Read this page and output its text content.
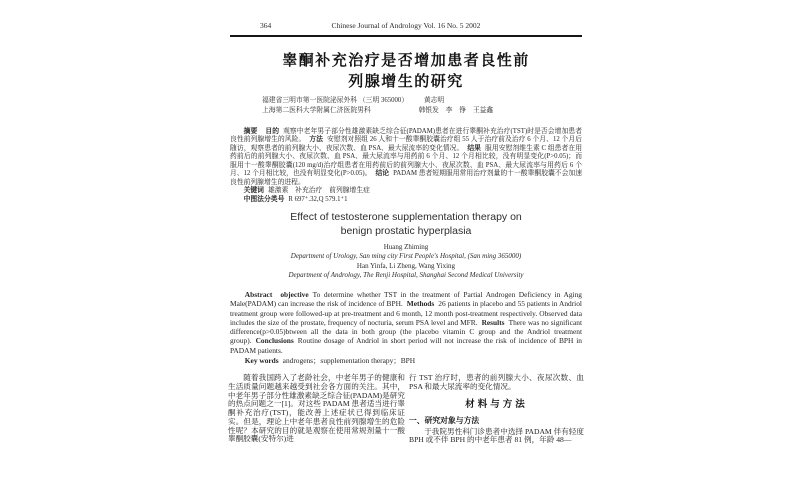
364	Chinese Journal of Andrology Vol. 16 No. 5 2002
睾酮补充治疗是否增加患者良性前
列腺增生的研究
福建省三明市第一医院泌尿外科 （三明 365000） 黄志明
上海第二医科大学附属仁济医院男科	韩银发　李　铮　王益鑫

摘要 目的 观察中老年男子部分性雄激素缺乏综合征(PADAM)患者在进行睾酮补充治疗(TST)时是否会增加患者良性前列腺增生的风险。 方法 安慰剂对照组 26 人和十一酸睾酮胶囊治疗组 55 人于治疗前及治疗 6 个月、12 个月后随访，观察患者的前列腺大小、夜尿次数、血 PSA、最大尿流率的变化情况。 结果 服用安慰剂维生素 C 组患者在用药前后的前列腺大小、夜尿次数、血 PSA、最大尿流率与用药前 6 个月、12 个月相比较，没有明显变化(P>0.05)；而服用十一酸睾酮胶囊(120 mg/d)治疗组患者在用药前后的前列腺大小、夜尿次数、血 PSA、最大尿流率与用药后 6 个月、12 个月相比较，也没有明显变化(P>0.05)。 结论 PADAM 患者短期服用常用治疗剂量的十一酸睾酮胶囊不会加速良性前列腺增生的进程。

关键词 雄激素　补充治疗　前列腺增生症

中图法分类号 R 697⁺.32,Q 579.1⁺1

Effect of testosterone supplementation therapy on
benign prostatic hyperplasia
Huang Zhiming
Department of Urology, San ming city First People's Hospital, (San ming 365000)
Han Yinfa, Li Zheng, Wang Yixing
Department of Andrology, The Renji Hospital, Shanghai Second Medical University

Abstract objective To determine whether TST in the treatment of Partial Androgen Deficiency in Aging Male(PADAM) can increase the risk of incidence of BPH. Methods 26 patients in placebo and 55 patients in Andriol treatment group were followed-up at pre-treatment and 6 month, 12 month post-treatment respectively. Observed data includes the size of the prostate, frequency of nocturia, serum PSA level and MFR. Results There was no significant difference(p>0.05)btween all the data in both group (the placebo vitamin C group and the Andriol treatment group). Conclusions Routine dosage of Andriol in short period will not increase the risk of incidence of BPH in PADAM patients.

Key words androgens；supplementation therapy；BPH

随着我国跨入了老龄社会，中老年男子的健康和生活质量问题越来越受到社会各方面的关注。其中，中老年男子部分性雄激素缺乏综合征(PADAM)是研究的热点问题之一[1]。对这些 PADAM 患者适当进行睾酮补充治疗(TST)，能改善上述症状已得到临床证实。但是，理论上中老年患者良性前列腺增生的危险性呢？本研究的目的就是观察在使用常规剂量十一酸睾酮胶囊(安特尔)进

行 TST 治疗时，患者的前列腺大小、夜尿次数、血 PSA 和最大尿流率的变化情况。

材料与方法

一、研究对象与方法

于我院男性科门诊患者中选择 PADAM 伴有轻度 BPH 或不伴 BPH 的中老年患者 81 例，年龄 48—
